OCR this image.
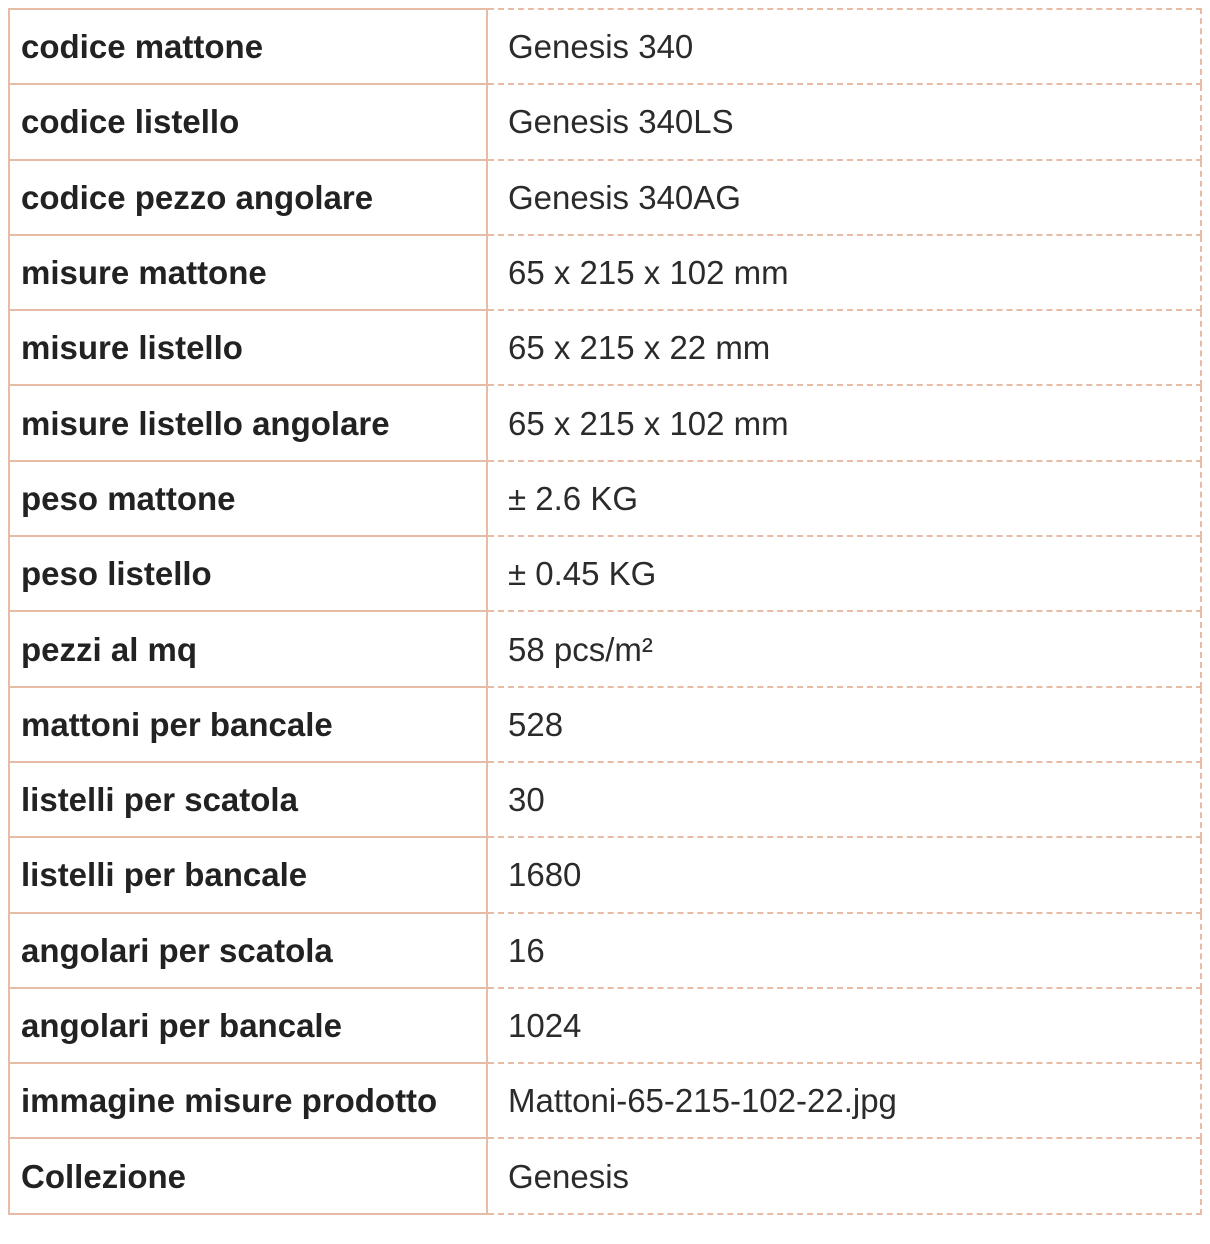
codice mattone	Genesis 340
codice listello	Genesis 340LS
codice pezzo angolare	Genesis 340AG
misure mattone	65 x 215 x 102 mm
misure listello	65 x 215 x 22 mm
misure listello angolare	65 x 215 x 102 mm
peso mattone	± 2.6 KG
peso listello	± 0.45 KG
pezzi al mq	58 pcs/m²
mattoni per bancale	528
listelli per scatola	30
listelli per bancale	1680
angolari per scatola	16
angolari per bancale	1024
immagine misure prodotto	Mattoni-65-215-102-22.jpg
Collezione	Genesis
